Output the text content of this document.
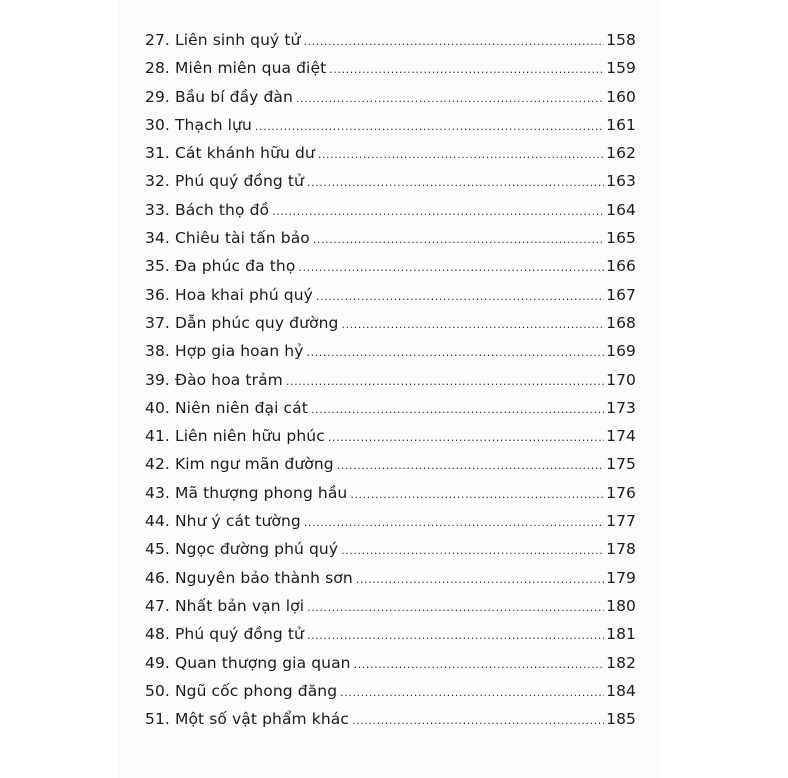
27. Liên sinh quý tử .....	158
28. Miên miên qua điệt .....	159
29. Bầu bí đầy đàn .....	160
30. Thạch lựu .....	161
31. Cát khánh hữu dư .....	162
32. Phú quý đồng tử .....	163
33. Bách thọ đồ .....	164
34. Chiêu tài tấn bảo .....	165
35. Đa phúc đa thọ .....	166
36. Hoa khai phú quý .....	167
37. Dẫn phúc quy đường .....	168
38. Hợp gia hoan hỷ .....	169
39. Đào hoa trảm .....	170
40. Niên niên đại cát .....	173
41. Liên niên hữu phúc .....	174
42. Kim ngư mãn đường .....	175
43. Mã thượng phong hầu .....	176
44. Như ý cát tường .....	177
45. Ngọc đường phú quý .....	178
46. Nguyên bảo thành sơn .....	179
47. Nhất bản vạn lợi .....	180
48. Phú quý đồng tử .....	181
49. Quan thượng gia quan .....	182
50. Ngũ cốc phong đăng .....	184
51. Một số vật phẩm khác .....	185
